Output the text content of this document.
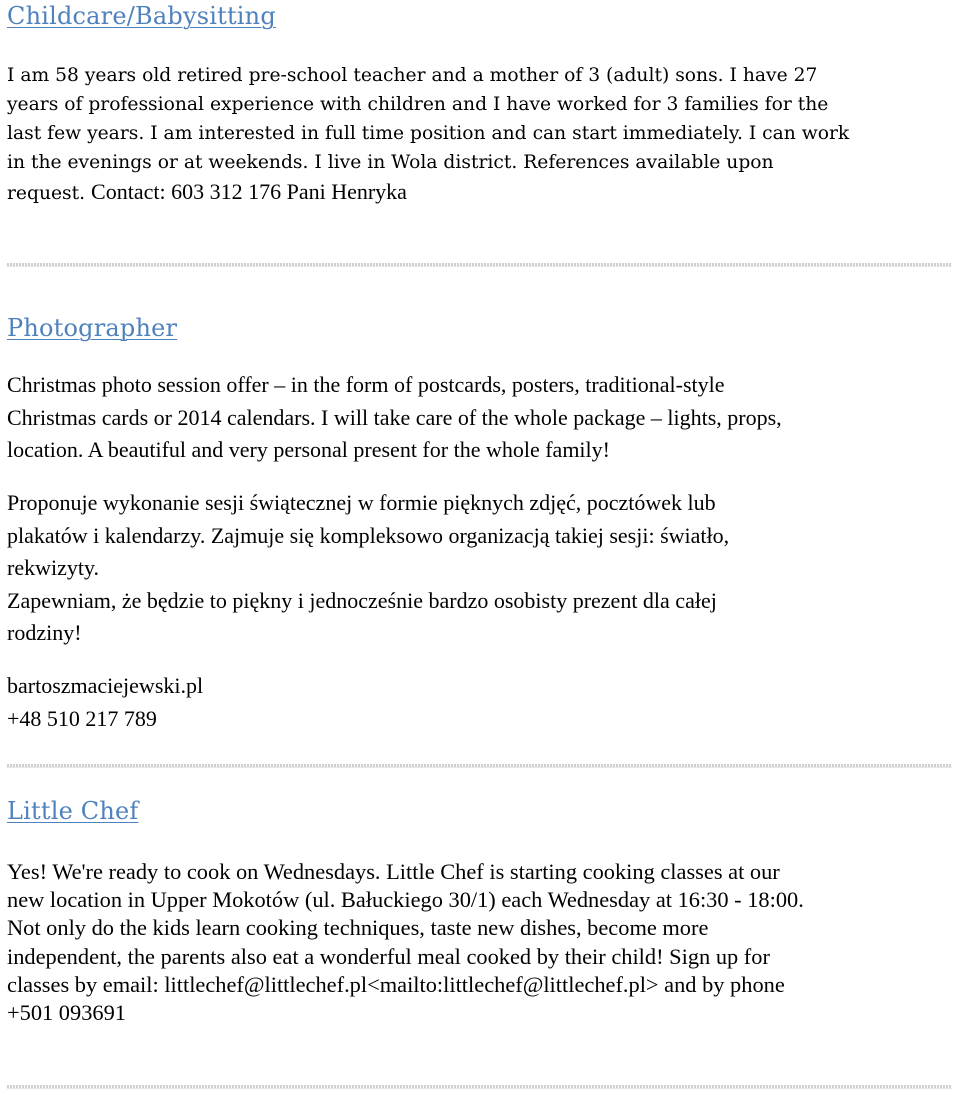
Childcare/Babysitting

I am 58 years old retired pre-school teacher and a mother of 3 (adult) sons. I have 27

years of professional experience with children and I have worked for 3 families for the

last few years. I am interested in full time position and can start immediately. I can work

in the evenings or at weekends. I live in Wola district. References available upon

request. Contact: 603 312 176 Pani Henryka

Photographer

Christmas photo session offer – in the form of postcards, posters, traditional-style

Christmas cards or 2014 calendars. I will take care of the whole package – lights, props,

location. A beautiful and very personal present for the whole family!

Proponuje wykonanie sesji świątecznej w formie pięknych zdjęć, pocztówek lub

plakatów i kalendarzy. Zajmuje się kompleksowo organizacją takiej sesji: światło,

rekwizyty.

Zapewniam, że będzie to piękny i jednocześnie bardzo osobisty prezent dla całej

rodziny!

bartoszmaciejewski.pl

+48 510 217 789

Little Chef

Yes! We're ready to cook on Wednesdays. Little Chef is starting cooking classes at our

new location in Upper Mokotów (ul. Bałuckiego 30/1) each Wednesday at 16:30 - 18:00.

Not only do the kids learn cooking techniques, taste new dishes, become more

independent, the parents also eat a wonderful meal cooked by their child! Sign up for

classes by email: littlechef@littlechef.pl<mailto:littlechef@littlechef.pl> and by phone

+501 093691
